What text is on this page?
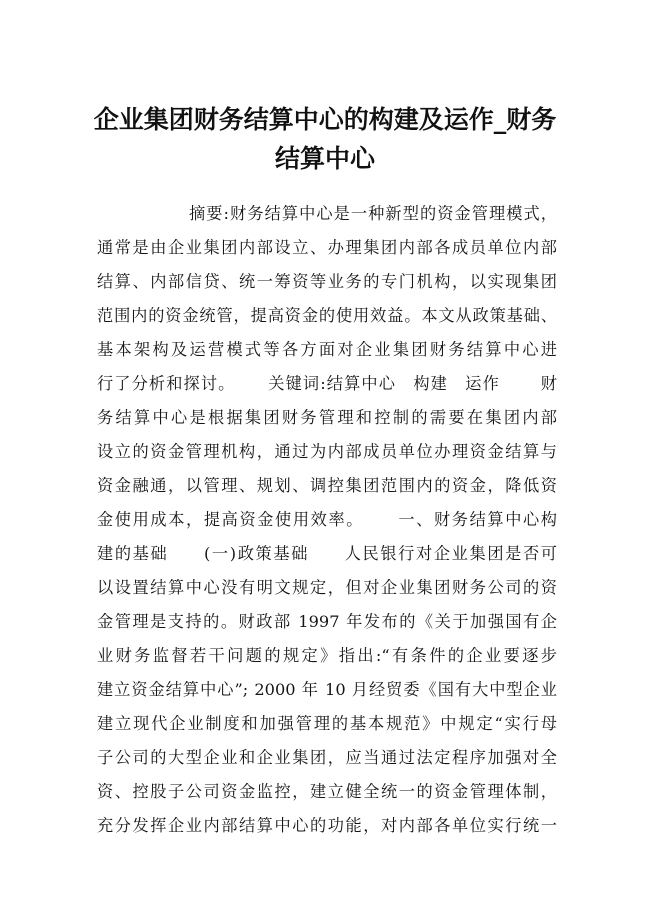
企业集团财务结算中心的构建及运作_财务
结算中心
摘要:财务结算中心是一种新型的资金管理模式，
通常是由企业集团内部设立、办理集团内部各成员单位内部
结算、内部信贷、统一筹资等业务的专门机构，以实现集团
范围内的资金统管，提高资金的使用效益。本文从政策基础、
基本架构及运营模式等各方面对企业集团财务结算中心进
行了分析和探讨。　　 关键词:结算中心　构建　运作　　 财
务结算中心是根据集团财务管理和控制的需要在集团内部
设立的资金管理机构，通过为内部成员单位办理资金结算与
资金融通，以管理、规划、调控集团范围内的资金，降低资
金使用成本，提高资金使用效率。　　 一、财务结算中心构
建的基础　　(一)政策基础　　人民银行对企业集团是否可
以设置结算中心没有明文规定，但对企业集团财务公司的资
金管理是支持的。财政部 1997 年发布的《关于加强国有企
业财务监督若干问题的规定》指出:“有条件的企业要逐步
建立资金结算中心”; 2000 年 10 月经贸委《国有大中型企业
建立现代企业制度和加强管理的基本规范》中规定“实行母
子公司的大型企业和企业集团，应当通过法定程序加强对全
资、控股子公司资金监控，建立健全统一的资金管理体制，
充分发挥企业内部结算中心的功能，对内部各单位实行统一
